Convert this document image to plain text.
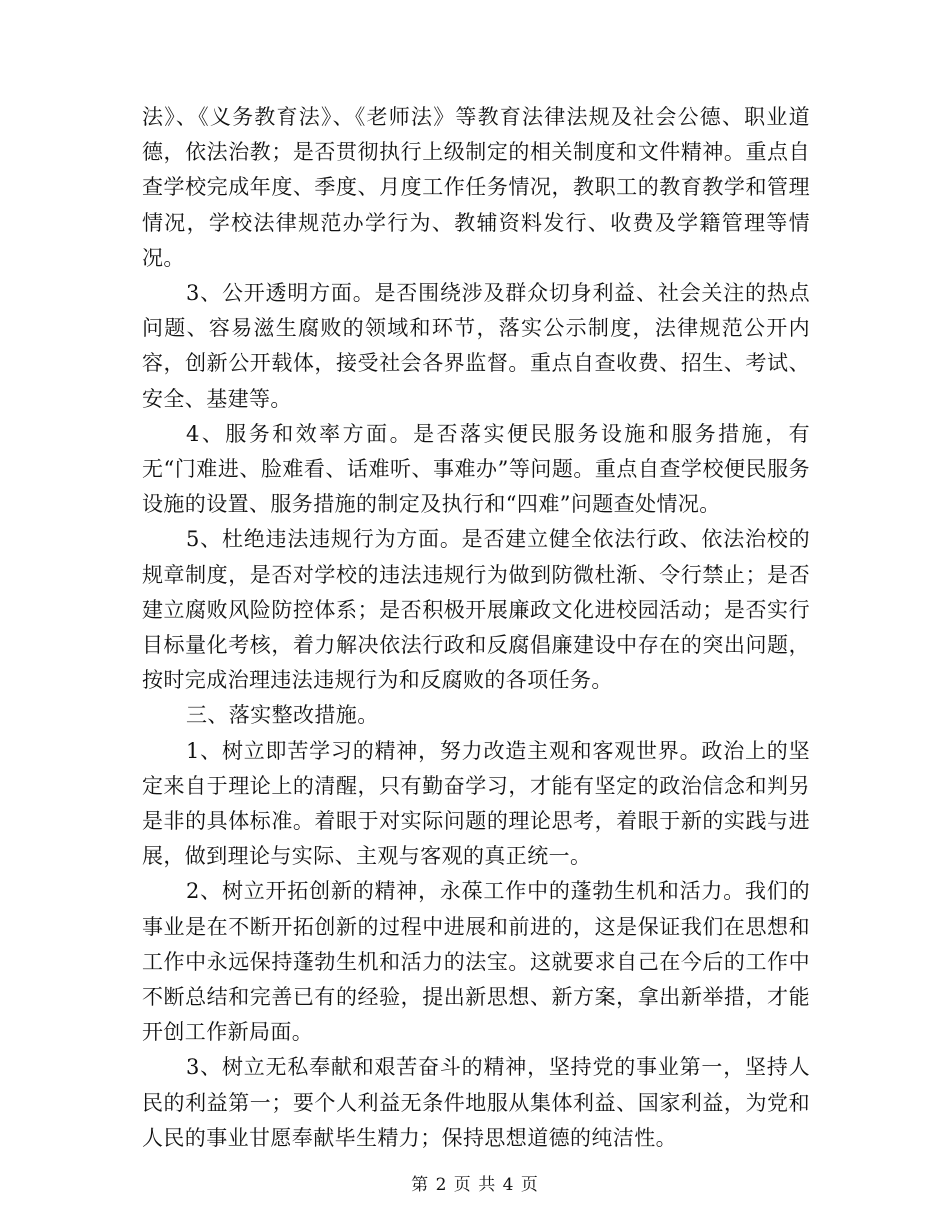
法》、《义务教育法》、《老师法》等教育法律法规及社会公德、职业道德，依法治教；是否贯彻执行上级制定的相关制度和文件精神。重点自查学校完成年度、季度、月度工作任务情况，教职工的教育教学和管理情况，学校法律规范办学行为、教辅资料发行、收费及学籍管理等情况。

3、公开透明方面。是否围绕涉及群众切身利益、社会关注的热点问题、容易滋生腐败的领域和环节，落实公示制度，法律规范公开内容，创新公开载体，接受社会各界监督。重点自查收费、招生、考试、安全、基建等。

4、服务和效率方面。是否落实便民服务设施和服务措施，有无“门难进、脸难看、话难听、事难办”等问题。重点自查学校便民服务设施的设置、服务措施的制定及执行和“四难”问题查处情况。

5、杜绝违法违规行为方面。是否建立健全依法行政、依法治校的规章制度，是否对学校的违法违规行为做到防微杜渐、令行禁止；是否建立腐败风险防控体系；是否积极开展廉政文化进校园活动；是否实行目标量化考核，着力解决依法行政和反腐倡廉建设中存在的突出问题，按时完成治理违法违规行为和反腐败的各项任务。

三、落实整改措施。

1、树立即苦学习的精神，努力改造主观和客观世界。政治上的坚定来自于理论上的清醒，只有勤奋学习，才能有坚定的政治信念和判另是非的具体标准。着眼于对实际问题的理论思考，着眼于新的实践与进展，做到理论与实际、主观与客观的真正统一。

2、树立开拓创新的精神，永葆工作中的蓬勃生机和活力。我们的事业是在不断开拓创新的过程中进展和前进的，这是保证我们在思想和工作中永远保持蓬勃生机和活力的法宝。这就要求自己在今后的工作中不断总结和完善已有的经验，提出新思想、新方案，拿出新举措，才能开创工作新局面。

3、树立无私奉献和艰苦奋斗的精神，坚持党的事业第一，坚持人民的利益第一；要个人利益无条件地服从集体利益、国家利益，为党和人民的事业甘愿奉献毕生精力；保持思想道德的纯洁性。

第 2 页 共 4 页
